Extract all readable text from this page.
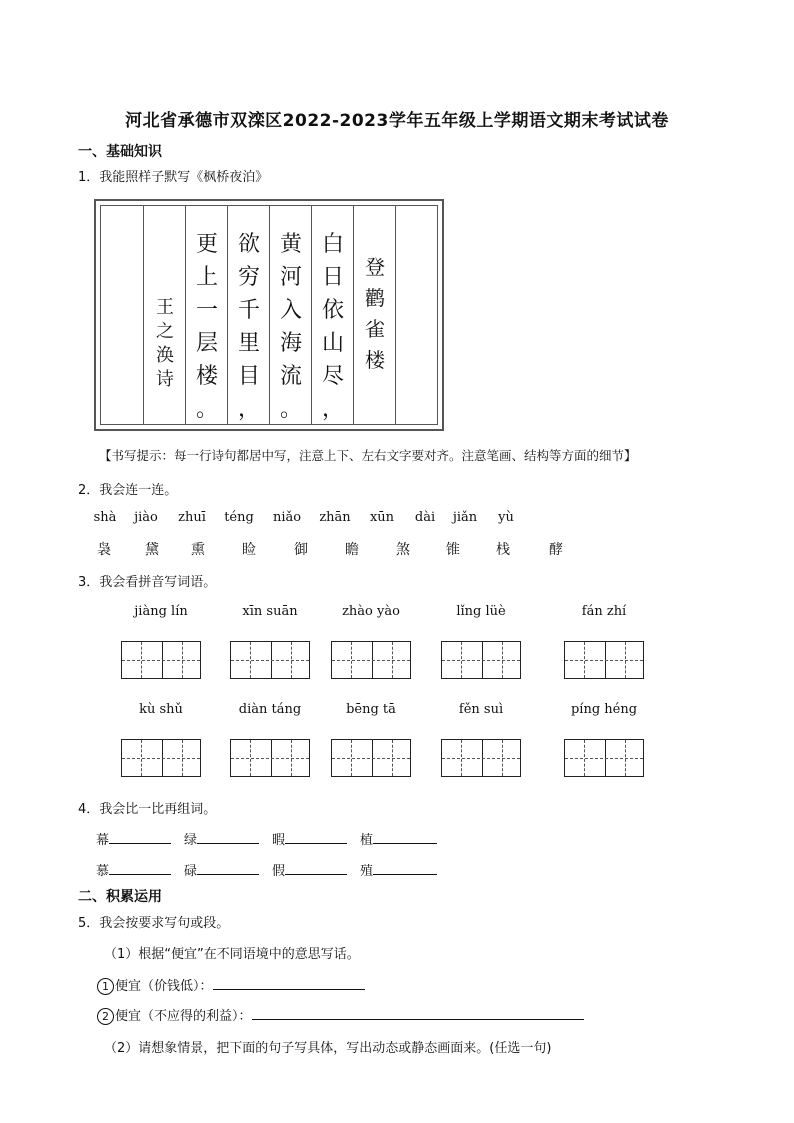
河北省承德市双滦区2022-2023学年五年级上学期语文期末考试试卷
一、基础知识
1．我能照样子默写《枫桥夜泊》
王
之
涣
诗
更
上
一
层
楼
。
欲
穷
千
里
目
，
黄
河
入
海
流
。
白
日
依
山
尽
，
登
鹳
雀
楼
【书写提示：每一行诗句都居中写，注意上下、左右文字要对齐。注意笔画、结构等方面的细节】
2．我会连一连。
shà jiào zhuī téng niǎo zhān xūn dài jiǎn yù
袅 黛 熏	睑	御	瞻	煞	锥	栈	酵
3．我会看拼音写词语。
jiàng lín	xīn suān	zhào yào	lǐng lüè	fán zhí
kù shǔ	diàn táng	bēng tā	fěn suì	píng héng
4．我会比一比再组词。
幕	绿	暇	植
慕	碌	假	殖
二、积累运用
5．我会按要求写句或段。
（1）根据“便宜”在不同语境中的意思写话。
1 便宜（价钱低）：
2 便宜（不应得的利益）：
（2）请想象情景，把下面的句子写具体，写出动态或静态画面来。(任选一句)
